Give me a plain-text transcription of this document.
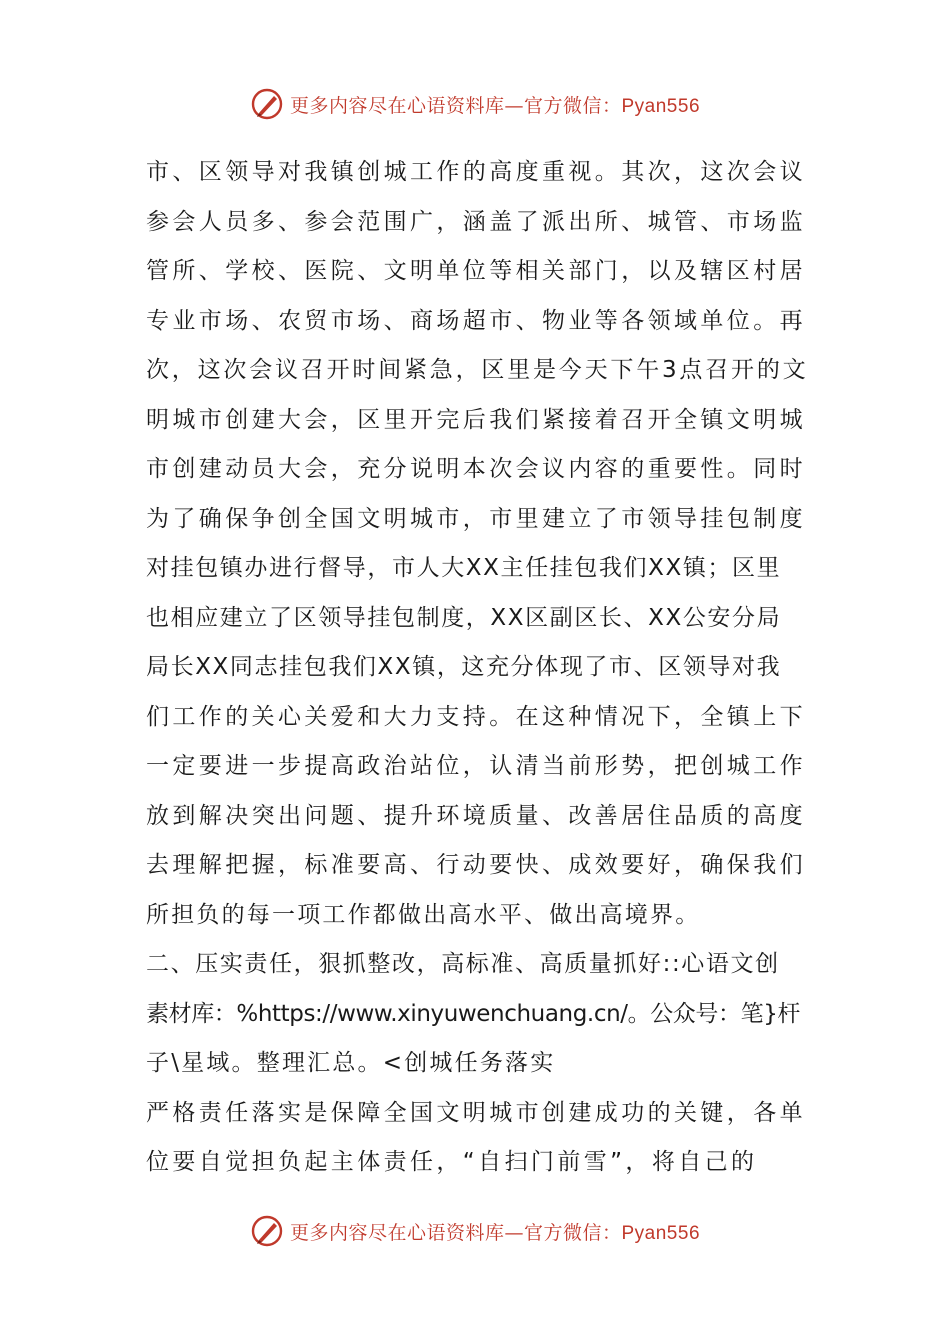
更多内容尽在心语资料库—官方微信：Pyan556
市、区领导对我镇创城工作的高度重视。其次，这次会议
参会人员多、参会范围广，涵盖了派出所、城管、市场监
管所、学校、医院、文明单位等相关部门，以及辖区村居
专业市场、农贸市场、商场超市、物业等各领域单位。再
次，这次会议召开时间紧急，区里是今天下午3点召开的文
明城市创建大会，区里开完后我们紧接着召开全镇文明城
市创建动员大会，充分说明本次会议内容的重要性。同时
为了确保争创全国文明城市，市里建立了市领导挂包制度
对挂包镇办进行督导，市人大XX主任挂包我们XX镇；区里
也相应建立了区领导挂包制度，XX区副区长、XX公安分局
局长XX同志挂包我们XX镇，这充分体现了市、区领导对我
们工作的关心关爱和大力支持。在这种情况下，全镇上下
一定要进一步提高政治站位，认清当前形势，把创城工作
放到解决突出问题、提升环境质量、改善居住品质的高度
去理解把握，标准要高、行动要快、成效要好，确保我们
所担负的每一项工作都做出高水平、做出高境界。
二、压实责任，狠抓整改，高标准、高质量抓好::心语文创
素材库：%https://www.xinyuwenchuang.cn/。公众号：笔}杆
子\星域。整理汇总。<创城任务落实
严格责任落实是保障全国文明城市创建成功的关键，各单
位要自觉担负起主体责任，“自扫门前雪”，将自己的
更多内容尽在心语资料库—官方微信：Pyan556
